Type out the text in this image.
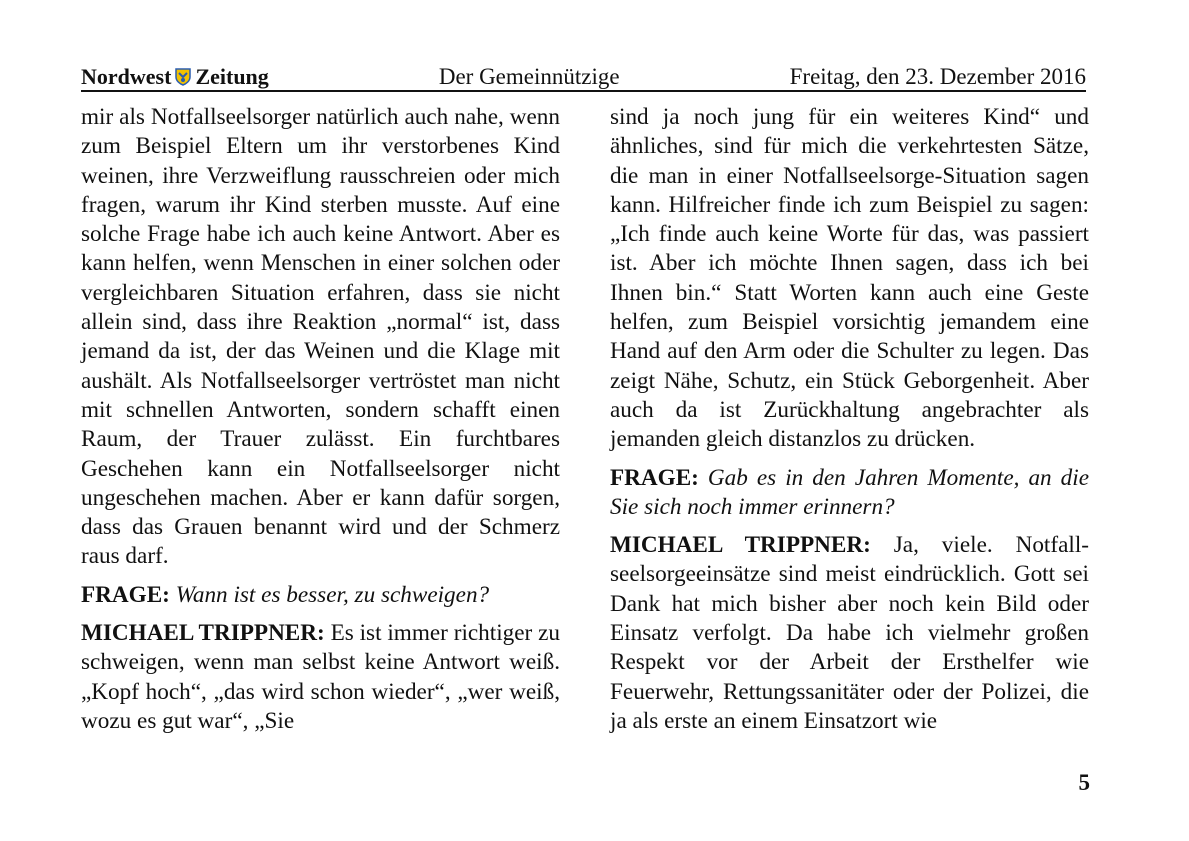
Nordwest Zeitung	Der Gemeinnützige	Freitag, den 23. Dezember 2016

mir als Notfallseelsorger natürlich auch nahe, wenn zum Beispiel Eltern um ihr verstorbenes Kind weinen, ihre Verzweiflung rausschreien oder mich fragen, warum ihr Kind sterben musste. Auf eine solche Frage habe ich auch keine Antwort. Aber es kann helfen, wenn Menschen in einer solchen oder vergleichbaren Situation erfahren, dass sie nicht allein sind, dass ihre Reaktion „normal“ ist, dass jemand da ist, der das Weinen und die Klage mit aushält. Als Notfallseelsorger vertröstet man nicht mit schnellen Antworten, sondern schafft einen Raum, der Trauer zulässt. Ein furchtbares Geschehen kann ein Notfallseelsorger nicht ungeschehen machen. Aber er kann dafür sorgen, dass das Grauen benannt wird und der Schmerz raus darf.

FRAGE: Wann ist es besser, zu schweigen?

MICHAEL TRIPPNER: Es ist immer richtiger zu schweigen, wenn man selbst keine Antwort weiß. „Kopf hoch“, „das wird schon wieder“, „wer weiß, wozu es gut war“, „Sie

sind ja noch jung für ein weiteres Kind“ und ähnliches, sind für mich die verkehrtesten Sätze, die man in einer Notfallseelsorge-Situation sagen kann. Hilfreicher finde ich zum Beispiel zu sagen: „Ich finde auch keine Worte für das, was passiert ist. Aber ich möchte Ihnen sagen, dass ich bei Ihnen bin.“ Statt Worten kann auch eine Geste helfen, zum Beispiel vorsichtig jemandem eine Hand auf den Arm oder die Schulter zu legen. Das zeigt Nähe, Schutz, ein Stück Geborgenheit. Aber auch da ist Zurückhaltung angebrachter als jemanden gleich distanzlos zu drücken.

FRAGE: Gab es in den Jahren Momente, an die Sie sich noch immer erinnern?

MICHAEL TRIPPNER: Ja, viele. Notfallseelsorgeeinsätze sind meist eindrücklich. Gott sei Dank hat mich bisher aber noch kein Bild oder Einsatz verfolgt. Da habe ich vielmehr großen Respekt vor der Arbeit der Ersthelfer wie Feuerwehr, Rettungssanitäter oder der Polizei, die ja als erste an einem Einsatzort wie

5
